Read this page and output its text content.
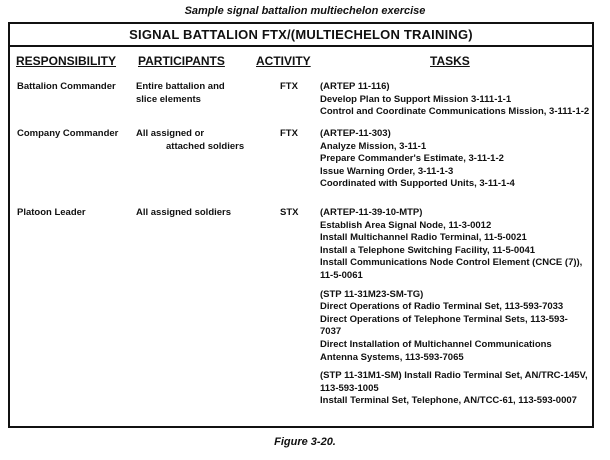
Sample signal battalion multiechelon exercise
SIGNAL BATTALION FTX/(MULTIECHELON TRAINING)
RESPONSIBILITY PARTICIPANTS	ACTIVITY	TASKS
Battalion Commander	Entire battalion and
slice elements
FTX (ARTEP 11-116)
Develop Plan to Support Mission 3-111-1-1
Control and Coordinate Communications Mission, 3-111-1-2
Company Commander	All assigned or
attached soldiers
FTX (ARTEP-11-303)
Analyze Mission, 3-11-1
Prepare Commander's Estimate, 3-11-1-2
Issue Warning Order, 3-11-1-3
Coordinated with Supported Units, 3-11-1-4
Platoon Leader	All assigned soldiers	STX (ARTEP-11-39-10-MTP)
Establish Area Signal Node, 11-3-0012
Install Multichannel Radio Terminal, 11-5-0021
Install a Telephone Switching Facility, 11-5-0041
Install Communications Node Control Element (CNCE (7)),
11-5-0061
(STP 11-31M23-SM-TG)
Direct Operations of Radio Terminal Set, 113-593-7033
Direct Operations of Telephone Terminal Sets, 113-593-
7037
Direct Installation of Multichannel Communications
Antenna Systems, 113-593-7065
(STP 11-31M1-SM) Install Radio Terminal Set, AN/TRC-145V,
113-593-1005
Install Terminal Set, Telephone, AN/TCC-61, 113-593-0007
Figure 3-20.
